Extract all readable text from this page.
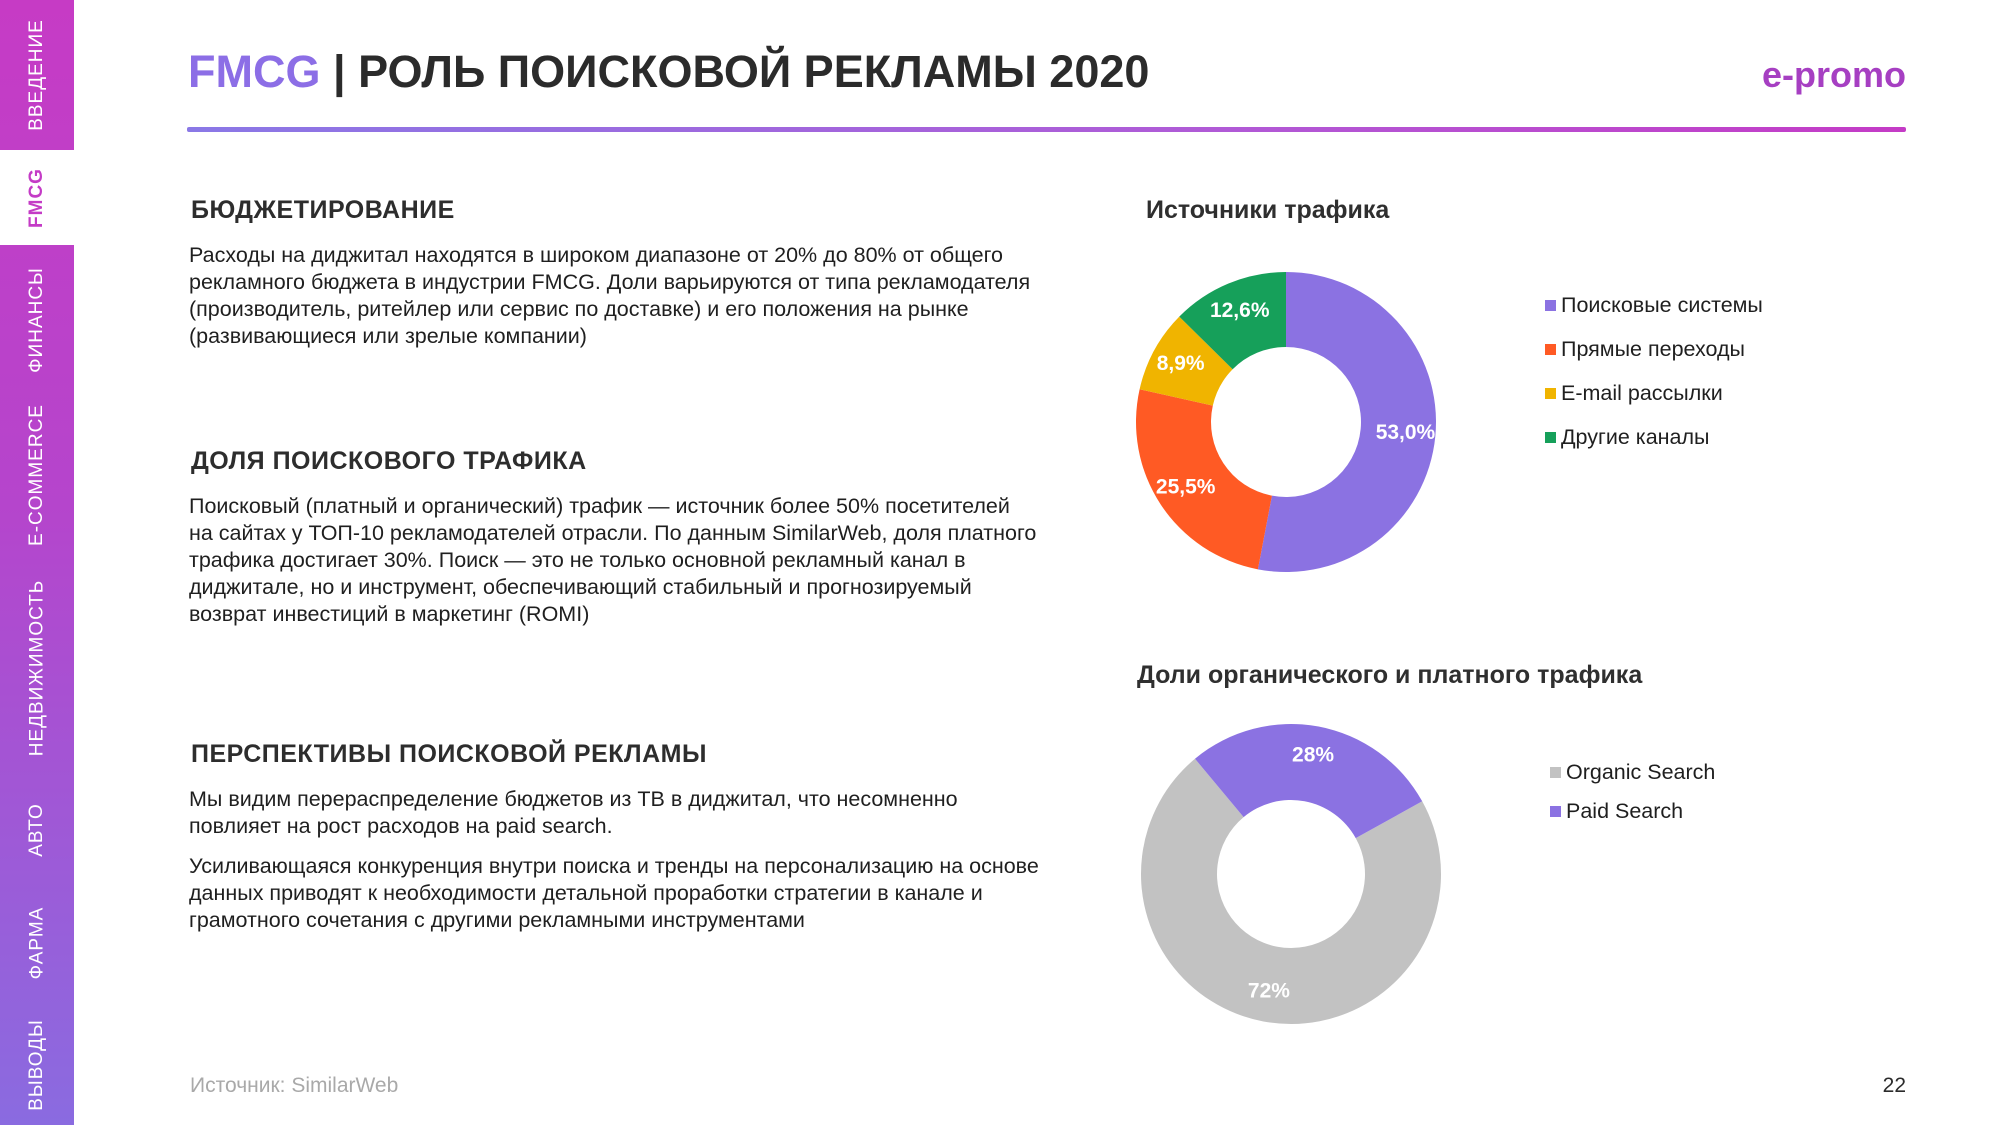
ВВЕДЕНИЕ
FMCG
ФИНАНСЫ
E-COMMERCE
НЕДВИЖИМОСТЬ
АВТО
ФАРМА
ВЫВОДЫ
FMCG | РОЛЬ ПОИСКОВОЙ РЕКЛАМЫ 2020	e-promo
БЮДЖЕТИРОВАНИЕ

Расходы на диджитал находятся в широком диапазоне от 20% до 80% от общего рекламного бюджета в индустрии FMCG. Доли варьируются от типа рекламодателя (производитель, ритейлер или сервис по доставке) и его положения на рынке (развивающиеся или зрелые компании)

ДОЛЯ ПОИСКОВОГО ТРАФИКА

Поисковый (платный и органический) трафик — источник более 50% посетителей на сайтах у ТОП-10 рекламодателей отрасли. По данным SimilarWeb, доля платного трафика достигает 30%. Поиск — это не только основной рекламный канал в диджитале, но и инструмент, обеспечивающий стабильный и прогнозируемый возврат инвестиций в маркетинг (ROMI)

ПЕРСПЕКТИВЫ ПОИСКОВОЙ РЕКЛАМЫ

Мы видим перераспределение бюджетов из ТВ в диджитал, что несомненно повлияет на рост расходов на paid search.

Усиливающаяся конкуренция внутри поиска и тренды на персонализацию на основе данных приводят к необходимости детальной проработки стратегии в канале и грамотного сочетания с другими рекламными инструментами

Источники трафика
53,0%
25,5%
8,9%
12,6%	Поисковые системы
Прямые переходы
E-mail рассылки
Другие каналы
Доли органического и платного трафика
72%
28%
Organic Search
Paid Search
Источник: SimilarWeb	22
